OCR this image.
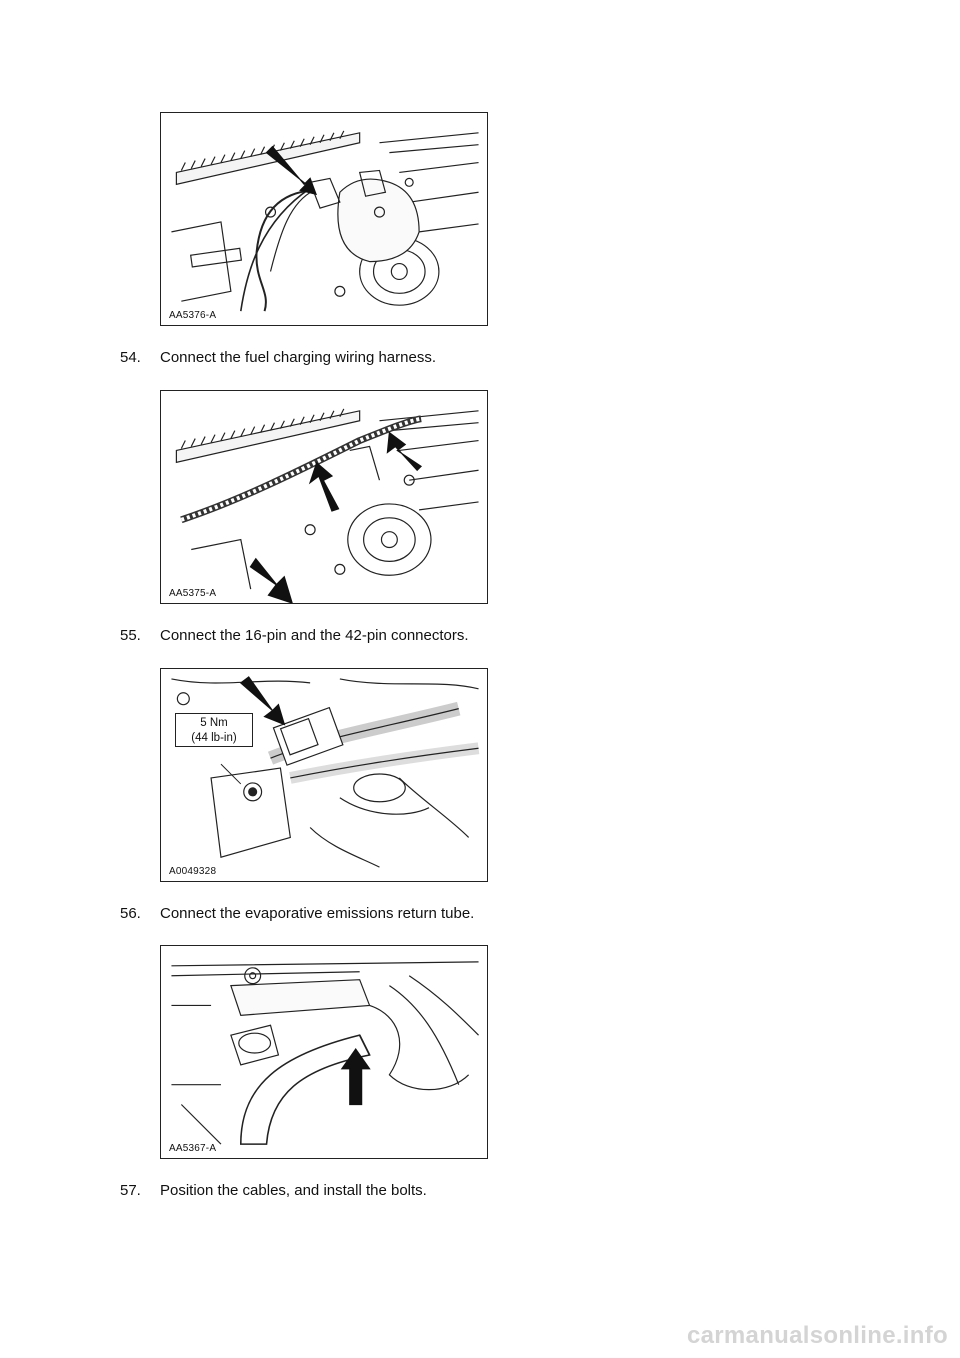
AA5376-A
54. Connect the fuel charging wiring harness.
AA5375-A
55. Connect the 16-pin and the 42-pin connectors.
5 Nm
(44 lb-in)
A0049328
56. Connect the evaporative emissions return tube.
AA5367-A
57. Position the cables, and install the bolts.
carmanualsonline.info
